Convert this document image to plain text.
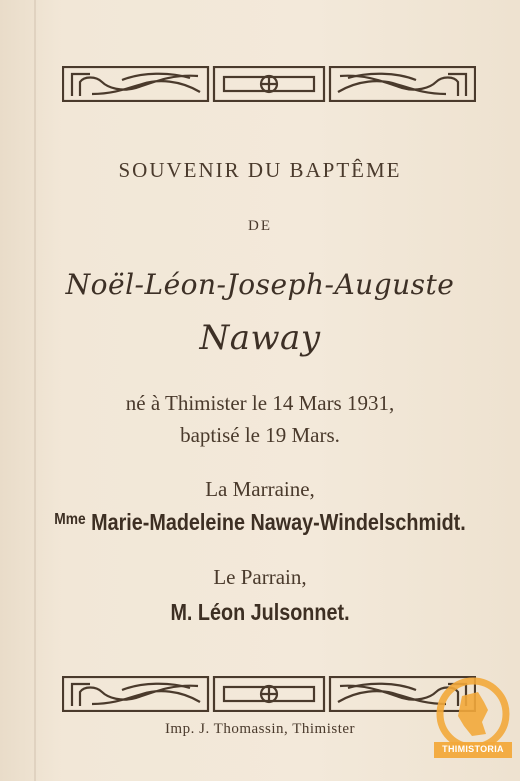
SOUVENIR DU BAPTÊME
DE
Noël-Léon-Joseph-Auguste
Naway
né à Thimister le 14 Mars 1931,
baptisé le 19 Mars.
La Marraine,
$^{Mme}$ Marie-Madeleine Naway-Windelschmidt.
Le Parrain,
M. Léon Julsonnet.
Imp. J. Thomassin, Thimister
THIMISTORIA
